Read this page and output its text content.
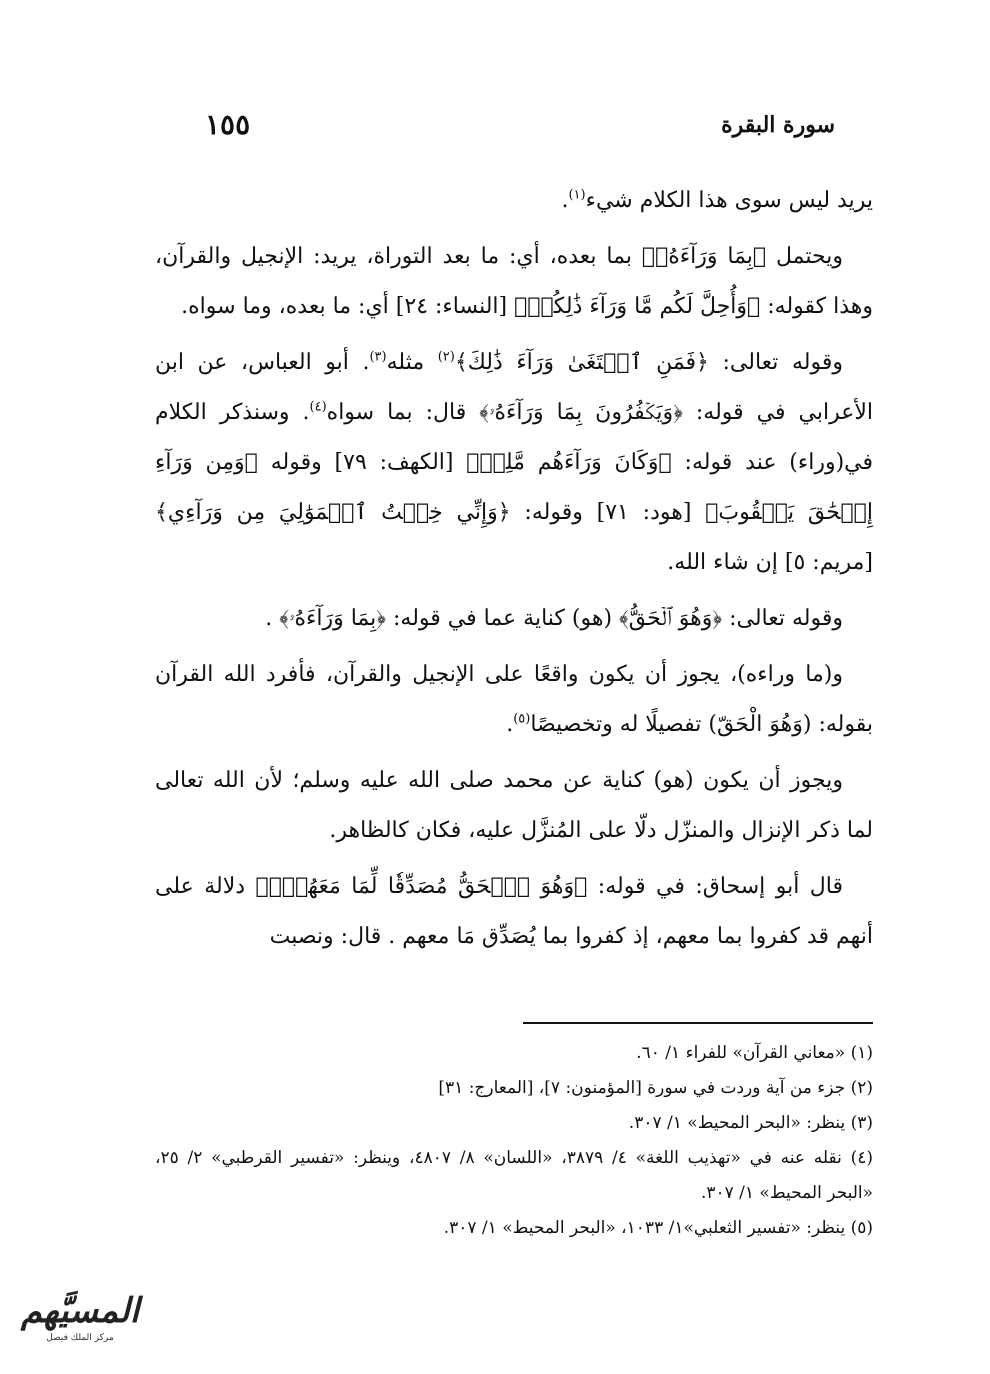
سورة البقرة
١٥٥

يريد ليس سوى هذا الكلام شيء$^{(١)}$.

ويحتمل ﴿بِمَا وَرَآءَهُۥ﴾ بما بعده، أي: ما بعد التوراة، يريد: الإنجيل والقرآن، وهذا كقوله: ﴿وَأُحِلَّ لَكُم مَّا وَرَآءَ ذَٰلِكُمۡ﴾ [النساء: ٢٤] أي: ما بعده، وما سواه.

وقوله تعالى: ﴿فَمَنِ ٱبۡتَغَىٰ وَرَآءَ ذَٰلِكَ﴾$^{(٢)}$ مثله$^{(٣)}$. أبو العباس، عن ابن الأعرابي في قوله: ﴿وَيَكۡفُرُونَ بِمَا وَرَآءَهُۥ﴾ قال: بما سواه$^{(٤)}$. وسنذكر الكلام في(وراء) عند قوله: ﴿وَكَانَ وَرَآءَهُم مَّلِكٞ﴾ [الكهف: ٧٩] وقوله ﴿وَمِن وَرَآءِ إِسۡحَٰقَ يَعۡقُوبَ﴾ [هود: ٧١] وقوله: ﴿وَإِنِّي خِفۡتُ ٱلۡمَوَٰلِيَ مِن وَرَآءِي﴾ [مريم: ٥] إن شاء الله.

وقوله تعالى: ﴿وَهُوَ ٱلۡحَقُّ﴾ (هو) كناية عما في قوله: ﴿بِمَا وَرَآءَهُۥ﴾ .

و(ما وراءه)، يجوز أن يكون واقعًا على الإنجيل والقرآن، فأفرد الله القرآن بقوله: (وَهُوَ الْحَقّ) تفصيلًا له وتخصيصًا$^{(٥)}$.

ويجوز أن يكون (هو) كناية عن محمد صلى الله عليه وسلم؛ لأن الله تعالى لما ذكر الإنزال والمنزّل دلّا على المُنزَّل عليه، فكان كالظاهر.

قال أبو إسحاق: في قوله: ﴿وَهُوَ ٱلۡحَقُّ مُصَدِّقٗا لِّمَا مَعَهُمۡۗ﴾ دلالة على أنهم قد كفروا بما معهم، إذ كفروا بما يُصَدِّق مَا معهم . قال: ونصبت

(١) «معاني القرآن» للفراء ١/ ٦٠.
(٢) جزء من آية وردت في سورة [المؤمنون: ٧]، [المعارج: ٣١]
(٣) ينظر: «البحر المحيط» ١/ ٣٠٧.
(٤) نقله عنه في «تهذيب اللغة» ٤/ ٣٨٧٩، «اللسان» ٨/ ٤٨٠٧، وينظر: «تفسير القرطبي» ٢/ ٢٥، «البحر المحيط» ١/ ٣٠٧.
(٥) ينظر: «تفسير الثعلبي»١/ ١٠٣٣، «البحر المحيط» ١/ ٣٠٧.
المسيَّهم
مركز الملك فيصل
